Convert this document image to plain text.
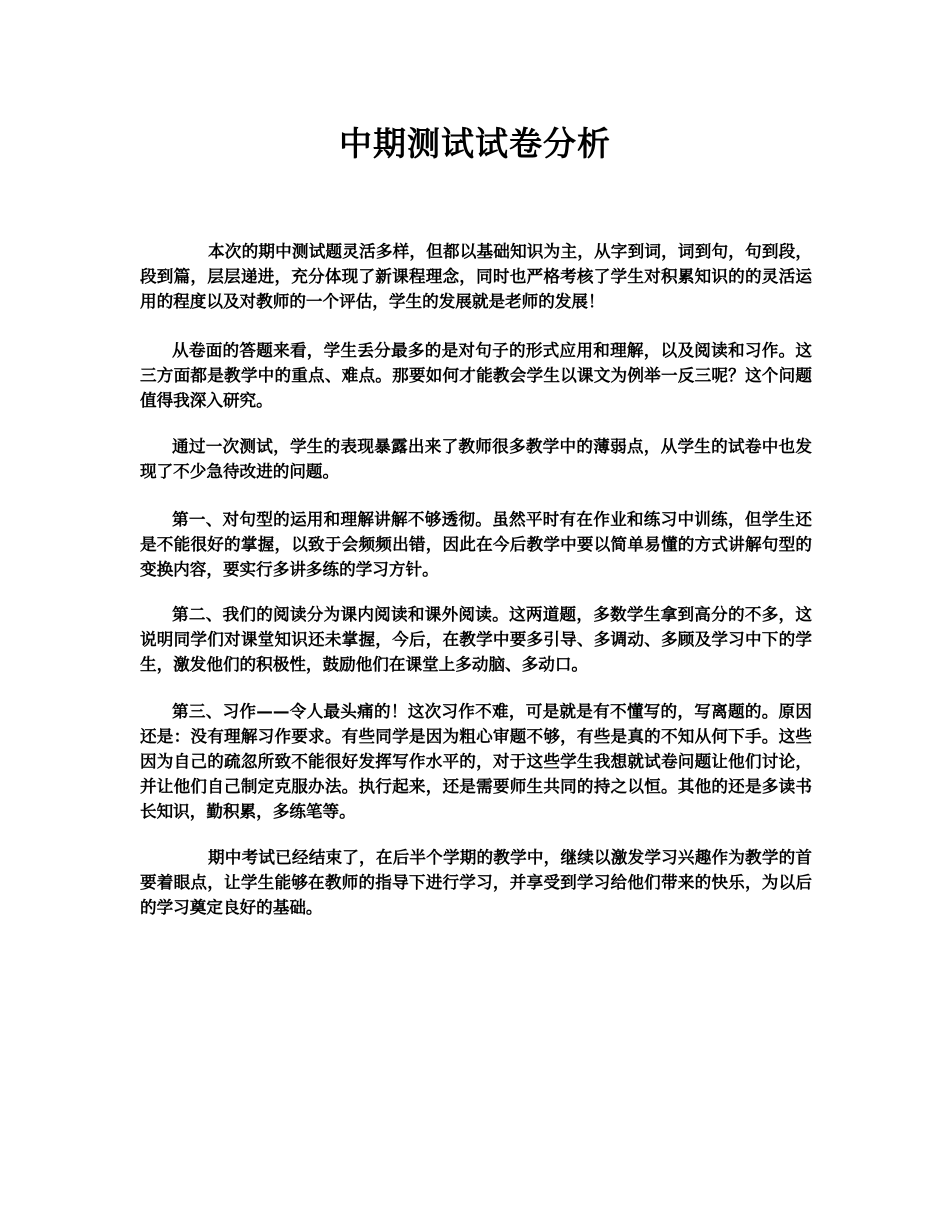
中期测试试卷分析

本次的期中测试题灵活多样，但都以基础知识为主，从字到词，词到句，句到段，段到篇，层层递进，充分体现了新课程理念，同时也严格考核了学生对积累知识的的灵活运用的程度以及对教师的一个评估，学生的发展就是老师的发展！

从卷面的答题来看，学生丢分最多的是对句子的形式应用和理解，以及阅读和习作。这三方面都是教学中的重点、难点。那要如何才能教会学生以课文为例举一反三呢？这个问题值得我深入研究。

通过一次测试，学生的表现暴露出来了教师很多教学中的薄弱点，从学生的试卷中也发现了不少急待改进的问题。

第一、对句型的运用和理解讲解不够透彻。虽然平时有在作业和练习中训练，但学生还是不能很好的掌握，以致于会频频出错，因此在今后教学中要以简单易懂的方式讲解句型的变换内容，要实行多讲多练的学习方针。

第二、我们的阅读分为课内阅读和课外阅读。这两道题，多数学生拿到高分的不多，这说明同学们对课堂知识还未掌握，今后，在教学中要多引导、多调动、多顾及学习中下的学生，激发他们的积极性，鼓励他们在课堂上多动脑、多动口。

第三、习作——令人最头痛的！这次习作不难，可是就是有不懂写的，写离题的。原因还是：没有理解习作要求。有些同学是因为粗心审题不够，有些是真的不知从何下手。这些因为自己的疏忽所致不能很好发挥写作水平的，对于这些学生我想就试卷问题让他们讨论，并让他们自己制定克服办法。执行起来，还是需要师生共同的持之以恒。其他的还是多读书长知识，勤积累，多练笔等。

期中考试已经结束了，在后半个学期的教学中，继续以激发学习兴趣作为教学的首要着眼点，让学生能够在教师的指导下进行学习，并享受到学习给他们带来的快乐，为以后的学习奠定良好的基础。
